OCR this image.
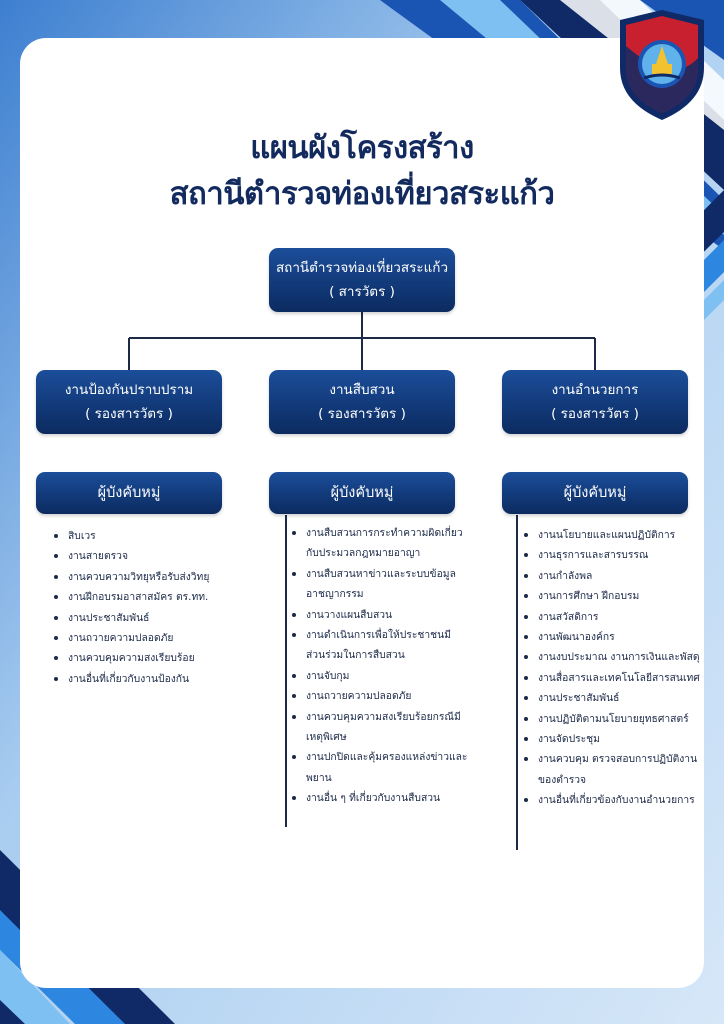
แผนผังโครงสร้าง
สถานีตำรวจท่องเที่ยวสระแก้ว
สถานีตำรวจท่องเที่ยวสระแก้ว
( สารวัตร )
งานป้องกันปราบปราม
( รองสารวัตร )
งานสืบสวน
( รองสารวัตร )
งานอำนวยการ
( รองสารวัตร )
ผู้บังคับหมู่	ผู้บังคับหมู่	ผู้บังคับหมู่
สิบเวร
งานสายตรวจ
งานควบความวิทยุหรือรับส่งวิทยุ
งานฝึกอบรมอาสาสมัคร ตร.ทท.
งานประชาสัมพันธ์
งานถวายความปลอดภัย
งานควบคุมความสงเรียบร้อย
งานอื่นที่เกี่ยวกับงานป้องกัน
งานสืบสวนการกระทำความผิดเกี่ยวกับประมวลกฎหมายอาญา
งานสืบสวนหาข่าวและระบบข้อมูลอาชญากรรม
งานวางแผนสืบสวน
งานดำเนินการเพื่อให้ประชาชนมีส่วนร่วมในการสืบสวน
งานจับกุม
งานถวายความปลอดภัย
งานควบคุมความสงเรียบร้อยกรณีมีเหตุพิเศษ
งานปกปิดและคุ้มครองแหล่งข่าวและพยาน
งานอื่น ๆ ที่เกี่ยวกับงานสืบสวน
งานนโยบายและแผนปฏิบัติการ
งานธุรการและสารบรรณ
งานกำลังพล
งานการศึกษา ฝึกอบรม
งานสวัสดิการ
งานพัฒนาองค์กร
งานงบประมาณ งานการเงินและพัสดุ
งานสื่อสารและเทคโนโลยีสารสนเทศ
งานประชาสัมพันธ์
งานปฏิบัติตามนโยบายยุทธศาสตร์
งานจัดประชุม
งานควบคุม ตรวจสอบการปฏิบัติงานของตำรวจ
งานอื่นที่เกี่ยวข้องกับงานอำนวยการ
